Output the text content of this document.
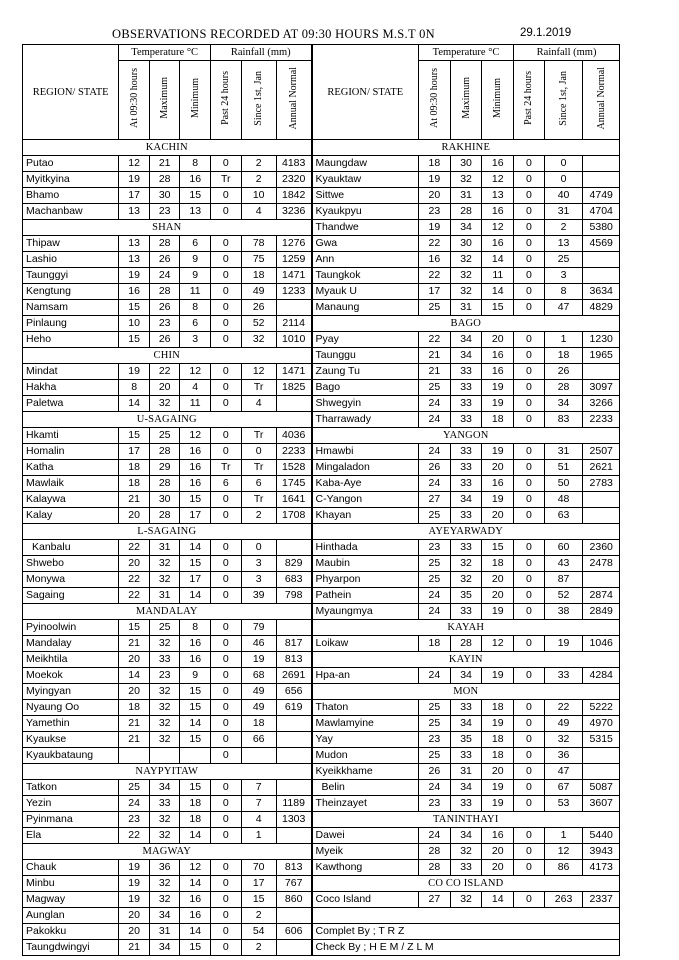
OBSERVATIONS RECORDED AT 09:30 HOURS M.S.T 0N	29.1.2019
REGION/ STATE	Temperature °C			Rainfall (mm)			REGION/ STATE	Temperature °C			Rainfall (mm)		
	At 09:30 hours	Maximum	Minimum	Past 24 hours	Since 1st, Jan	Annual Normal		At 09:30 hours	Maximum	Minimum	Past 24 hours	Since 1st, Jan	Annual Normal
KACHIN							RAKHINE						
Putao	12	21	8	0	2	4183	Maungdaw	18	30	16	0	0	
Myitkyina	19	28	16	Tr	2	2320	Kyauktaw	19	32	12	0	0	
Bhamo	17	30	15	0	10	1842	Sittwe	20	31	13	0	40	4749
Machanbaw	13	23	13	0	4	3236	Kyaukpyu	23	28	16	0	31	4704
SHAN							Thandwe	19	34	12	0	2	5380
Thipaw	13	28	6	0	78	1276	Gwa	22	30	16	0	13	4569
Lashio	13	26	9	0	75	1259	Ann	16	32	14	0	25	
Taunggyi	19	24	9	0	18	1471	Taungkok	22	32	11	0	3	
Kengtung	16	28	11	0	49	1233	Myauk U	17	32	14	0	8	3634
Namsam	15	26	8	0	26		Manaung	25	31	15	0	47	4829
Pinlaung	10	23	6	0	52	2114	BAGO						
Heho	15	26	3	0	32	1010	Pyay	22	34	20	0	1	1230
CHIN							Taunggu	21	34	16	0	18	1965
Mindat	19	22	12	0	12	1471	Zaung Tu	21	33	16	0	26	
Hakha	8	20	4	0	Tr	1825	Bago	25	33	19	0	28	3097
Paletwa	14	32	11	0	4		Shwegyin	24	33	19	0	34	3266
U-SAGAING							Tharrawady	24	33	18	0	83	2233
Hkamti	15	25	12	0	Tr	4036	YANGON						
Homalin	17	28	16	0	0	2233	Hmawbi	24	33	19	0	31	2507
Katha	18	29	16	Tr	Tr	1528	Mingaladon	26	33	20	0	51	2621
Mawlaik	18	28	16	6	6	1745	Kaba-Aye	24	33	16	0	50	2783
Kalaywa	21	30	15	0	Tr	1641	C-Yangon	27	34	19	0	48	
Kalay	20	28	17	0	2	1708	Khayan	25	33	20	0	63	
L-SAGAING							AYEYARWADY						
Kanbalu	22	31	14	0	0		Hinthada	23	33	15	0	60	2360
Shwebo	20	32	15	0	3	829	Maubin	25	32	18	0	43	2478
Monywa	22	32	17	0	3	683	Phyarpon	25	32	20	0	87	
Sagaing	22	31	14	0	39	798	Pathein	24	35	20	0	52	2874
MANDALAY							Myaungmya	24	33	19	0	38	2849
Pyinoolwin	15	25	8	0	79		KAYAH						
Mandalay	21	32	16	0	46	817	Loikaw	18	28	12	0	19	1046
Meikhtila	20	33	16	0	19	813	KAYIN						
Moekok	14	23	9	0	68	2691	Hpa-an	24	34	19	0	33	4284
Myingyan	20	32	15	0	49	656	MON						
Nyaung Oo	18	32	15	0	49	619	Thaton	25	33	18	0	22	5222
Yamethin	21	32	14	0	18		Mawlamyine	25	34	19	0	49	4970
Kyaukse	21	32	15	0	66		Yay	23	35	18	0	32	5315
Kyaukbataung				0			Mudon	25	33	18	0	36	
NAYPYITAW							Kyeikkhame	26	31	20	0	47	
Tatkon	25	34	15	0	7		Belin	24	34	19	0	67	5087
Yezin	24	33	18	0	7	1189	Theinzayet	23	33	19	0	53	3607
Pyinmana	23	32	18	0	4	1303	TANINTHAYI						
Ela	22	32	14	0	1		Dawei	24	34	16	0	1	5440
MAGWAY							Myeik	28	32	20	0	12	3943
Chauk	19	36	12	0	70	813	Kawthong	28	33	20	0	86	4173
Minbu	19	32	14	0	17	767	CO CO ISLAND						
Magway	19	32	16	0	15	860	Coco Island	27	32	14	0	263	2337
Aunglan	20	34	16	0	2								
Pakokku	20	31	14	0	54	606	Complet By ; T R Z						
Taungdwingyi	21	34	15	0	2		Check By ; H E M / Z L M						
